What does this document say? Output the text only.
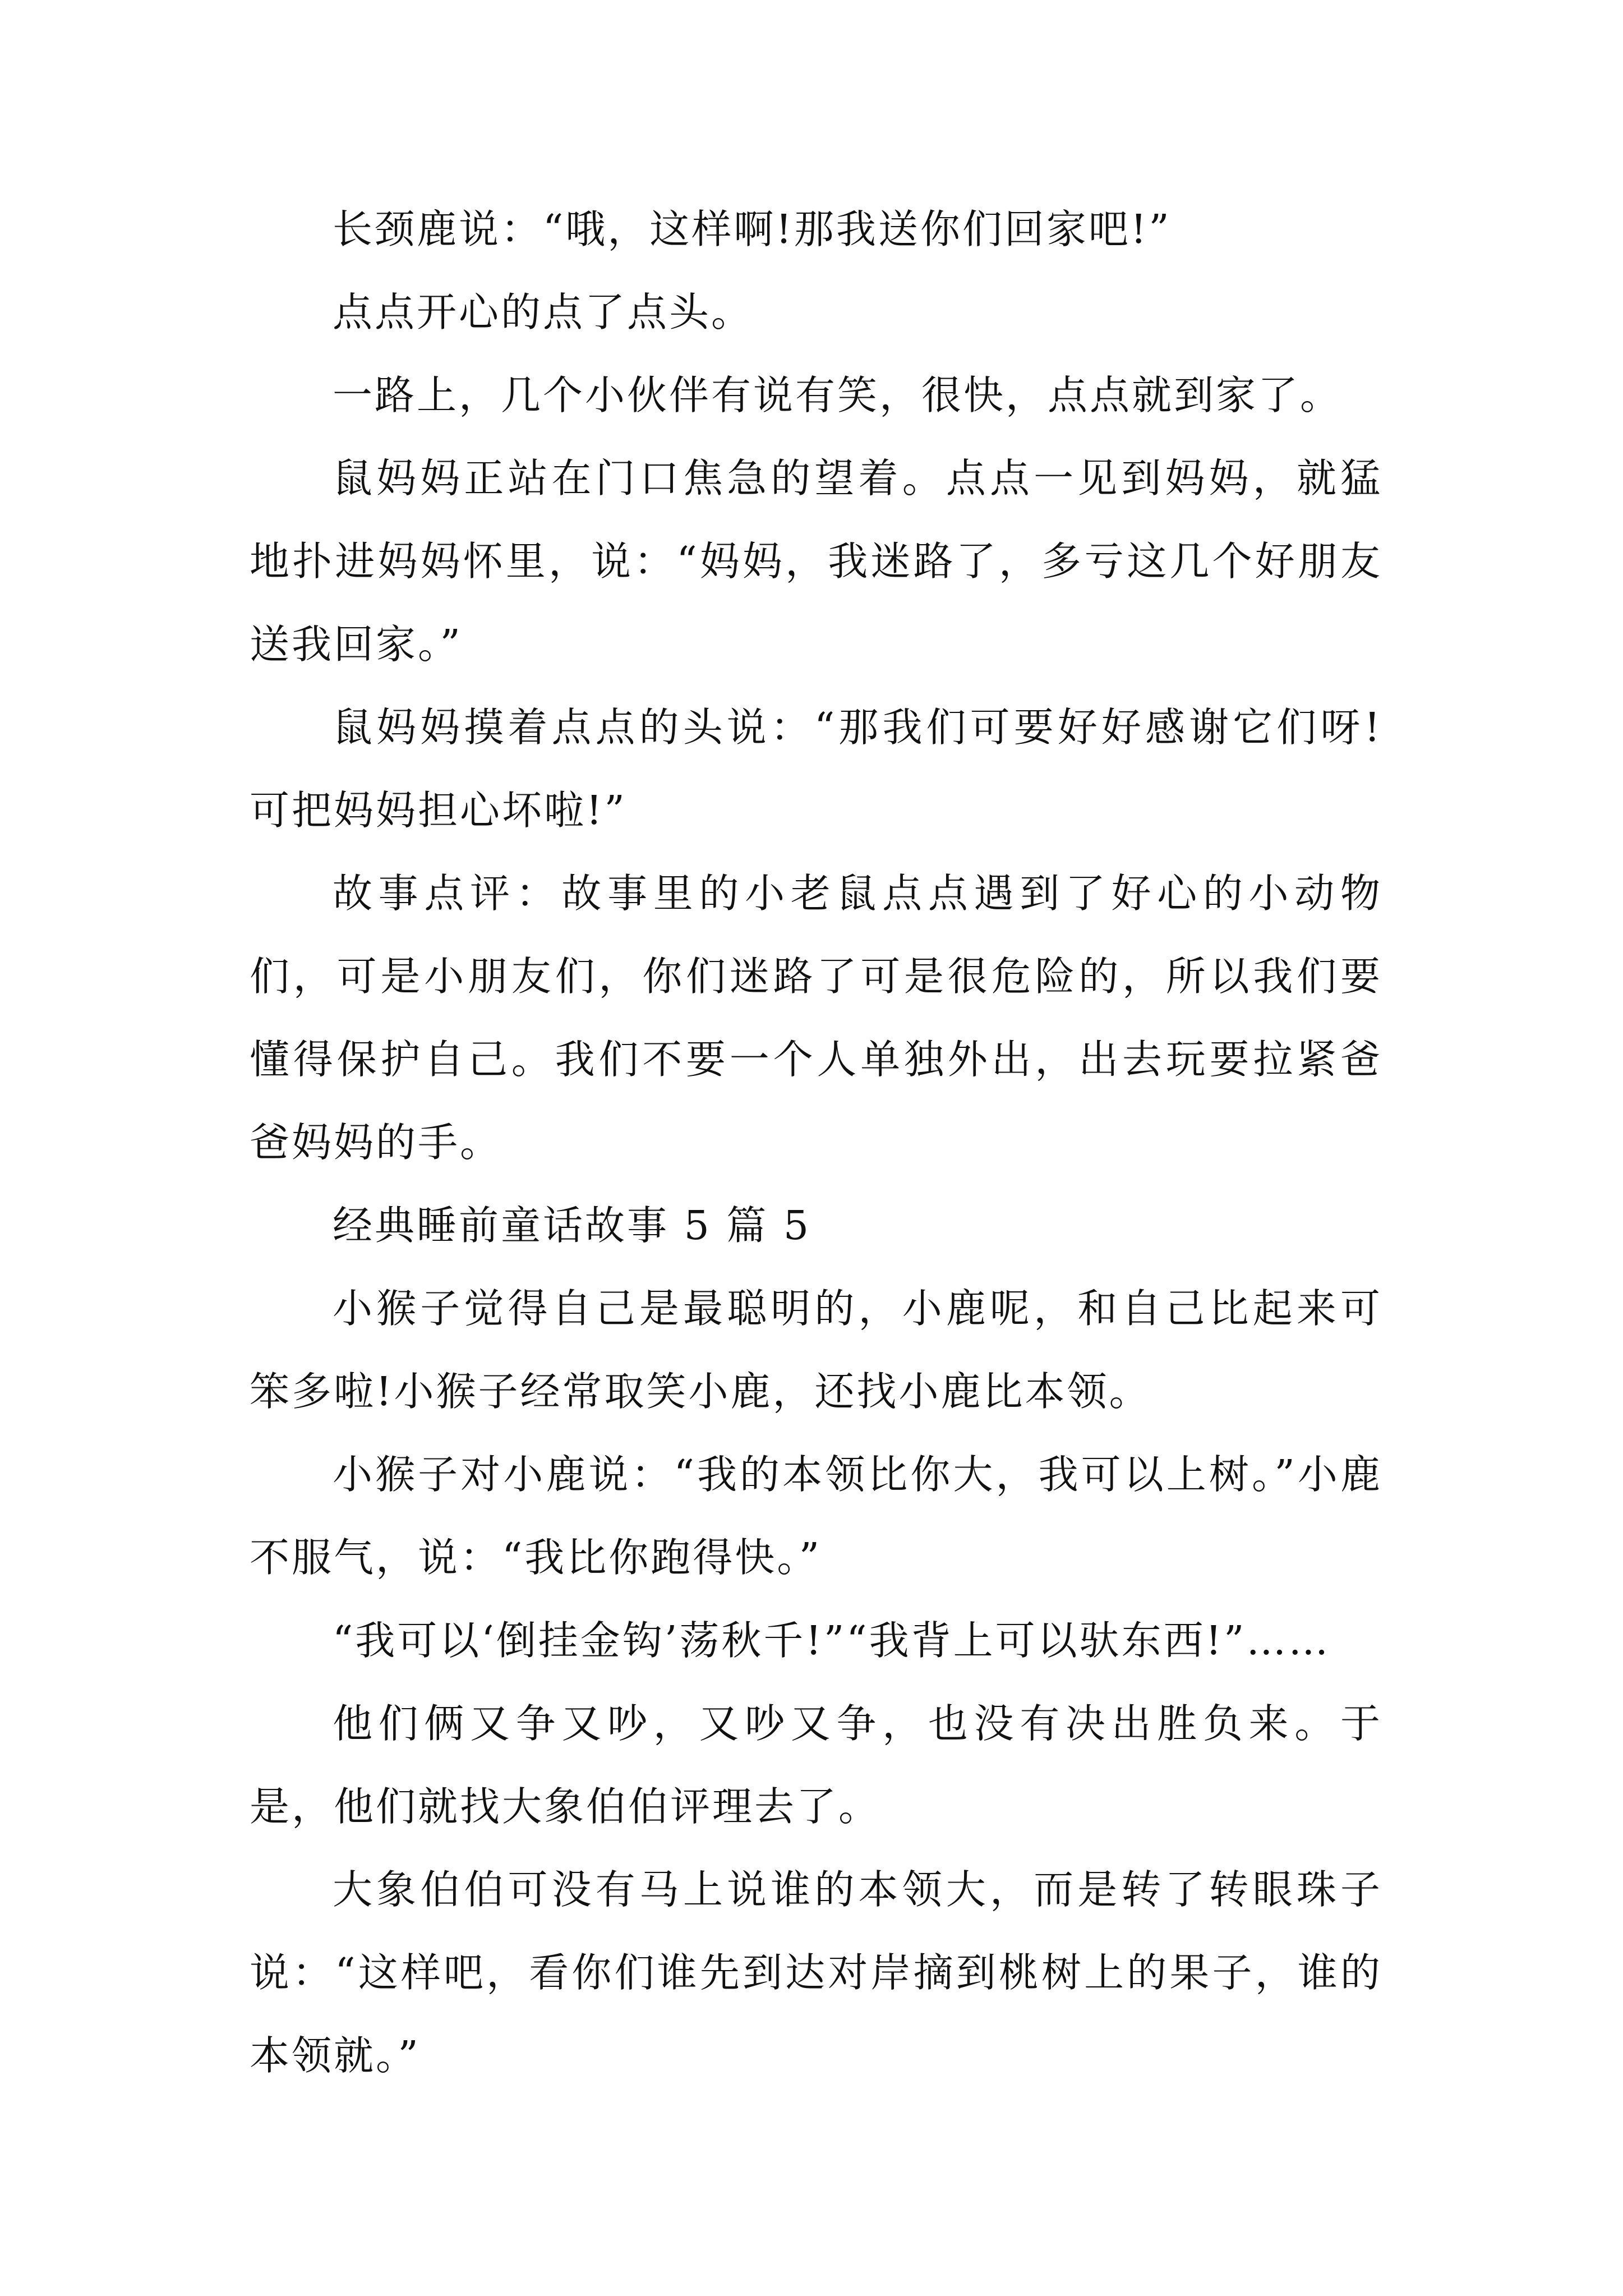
长颈鹿说：“哦，这样啊!那我送你们回家吧!”

点点开心的点了点头。

一路上，几个小伙伴有说有笑，很快，点点就到家了。

鼠妈妈正站在门口焦急的望着。点点一见到妈妈，就猛地扑进妈妈怀里，说：“妈妈，我迷路了，多亏这几个好朋友送我回家。”

鼠妈妈摸着点点的头说：“那我们可要好好感谢它们呀!可把妈妈担心坏啦!”

故事点评：故事里的小老鼠点点遇到了好心的小动物们，可是小朋友们，你们迷路了可是很危险的，所以我们要懂得保护自己。我们不要一个人单独外出，出去玩要拉紧爸爸妈妈的手。

经典睡前童话故事 5 篇 5

小猴子觉得自己是最聪明的，小鹿呢，和自己比起来可笨多啦!小猴子经常取笑小鹿，还找小鹿比本领。

小猴子对小鹿说：“我的本领比你大，我可以上树。”小鹿不服气，说：“我比你跑得快。”

“我可以‘倒挂金钩’荡秋千!”“我背上可以驮东西!”……

他们俩又争又吵，又吵又争，也没有决出胜负来。于是，他们就找大象伯伯评理去了。

大象伯伯可没有马上说谁的本领大，而是转了转眼珠子说：“这样吧，看你们谁先到达对岸摘到桃树上的果子，谁的本领就。”
